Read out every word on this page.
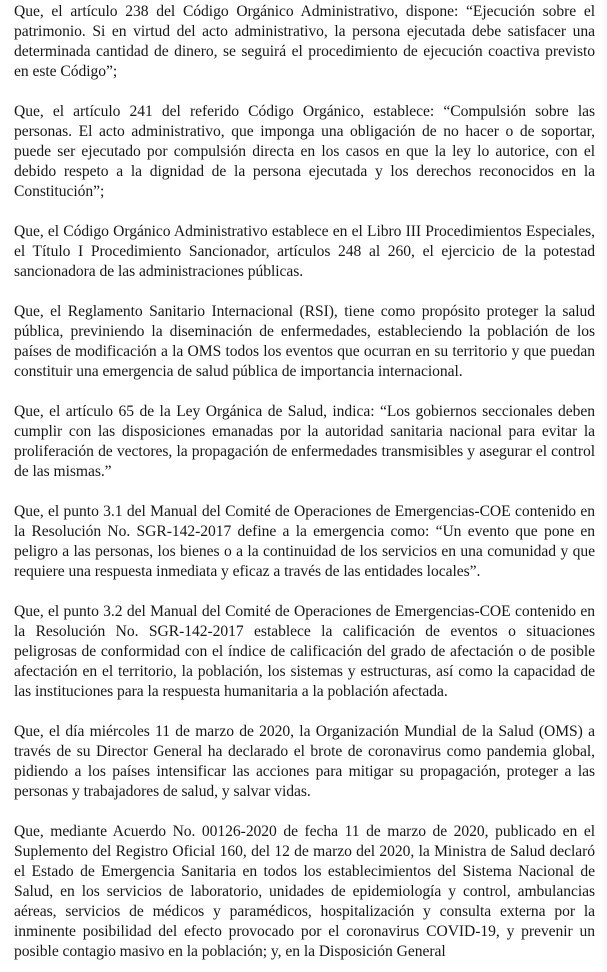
Que, el artículo 238 del Código Orgánico Administrativo, dispone: “Ejecución sobre el patrimonio. Si en virtud del acto administrativo, la persona ejecutada debe satisfacer una determinada cantidad de dinero, se seguirá el procedimiento de ejecución coactiva previsto en este Código”;

Que, el artículo 241 del referido Código Orgánico, establece: “Compulsión sobre las personas. El acto administrativo, que imponga una obligación de no hacer o de soportar, puede ser ejecutado por compulsión directa en los casos en que la ley lo autorice, con el debido respeto a la dignidad de la persona ejecutada y los derechos reconocidos en la Constitución”;

Que, el Código Orgánico Administrativo establece en el Libro III Procedimientos Especiales, el Título I Procedimiento Sancionador, artículos 248 al 260, el ejercicio de la potestad sancionadora de las administraciones públicas.

Que, el Reglamento Sanitario Internacional (RSI), tiene como propósito proteger la salud pública, previniendo la diseminación de enfermedades, estableciendo la población de los países de modificación a la OMS todos los eventos que ocurran en su territorio y que puedan constituir una emergencia de salud pública de importancia internacional.

Que, el artículo 65 de la Ley Orgánica de Salud, indica: “Los gobiernos seccionales deben cumplir con las disposiciones emanadas por la autoridad sanitaria nacional para evitar la proliferación de vectores, la propagación de enfermedades transmisibles y asegurar el control de las mismas.”

Que, el punto 3.1 del Manual del Comité de Operaciones de Emergencias-COE contenido en la Resolución No. SGR-142-2017 define a la emergencia como: “Un evento que pone en peligro a las personas, los bienes o a la continuidad de los servicios en una comunidad y que requiere una respuesta inmediata y eficaz a través de las entidades locales”.

Que, el punto 3.2 del Manual del Comité de Operaciones de Emergencias-COE contenido en la Resolución No. SGR-142-2017 establece la calificación de eventos o situaciones peligrosas de conformidad con el índice de calificación del grado de afectación o de posible afectación en el territorio, la población, los sistemas y estructuras, así como la capacidad de las instituciones para la respuesta humanitaria a la población afectada.

Que, el día miércoles 11 de marzo de 2020, la Organización Mundial de la Salud (OMS) a través de su Director General ha declarado el brote de coronavirus como pandemia global, pidiendo a los países intensificar las acciones para mitigar su propagación, proteger a las personas y trabajadores de salud, y salvar vidas.

Que, mediante Acuerdo No. 00126-2020 de fecha 11 de marzo de 2020, publicado en el Suplemento del Registro Oficial 160, del 12 de marzo del 2020, la Ministra de Salud declaró el Estado de Emergencia Sanitaria en todos los establecimientos del Sistema Nacional de Salud, en los servicios de laboratorio, unidades de epidemiología y control, ambulancias aéreas, servicios de médicos y paramédicos, hospitalización y consulta externa por la inminente posibilidad del efecto provocado por el coronavirus COVID-19, y prevenir un posible contagio masivo en la población; y, en la Disposición General
